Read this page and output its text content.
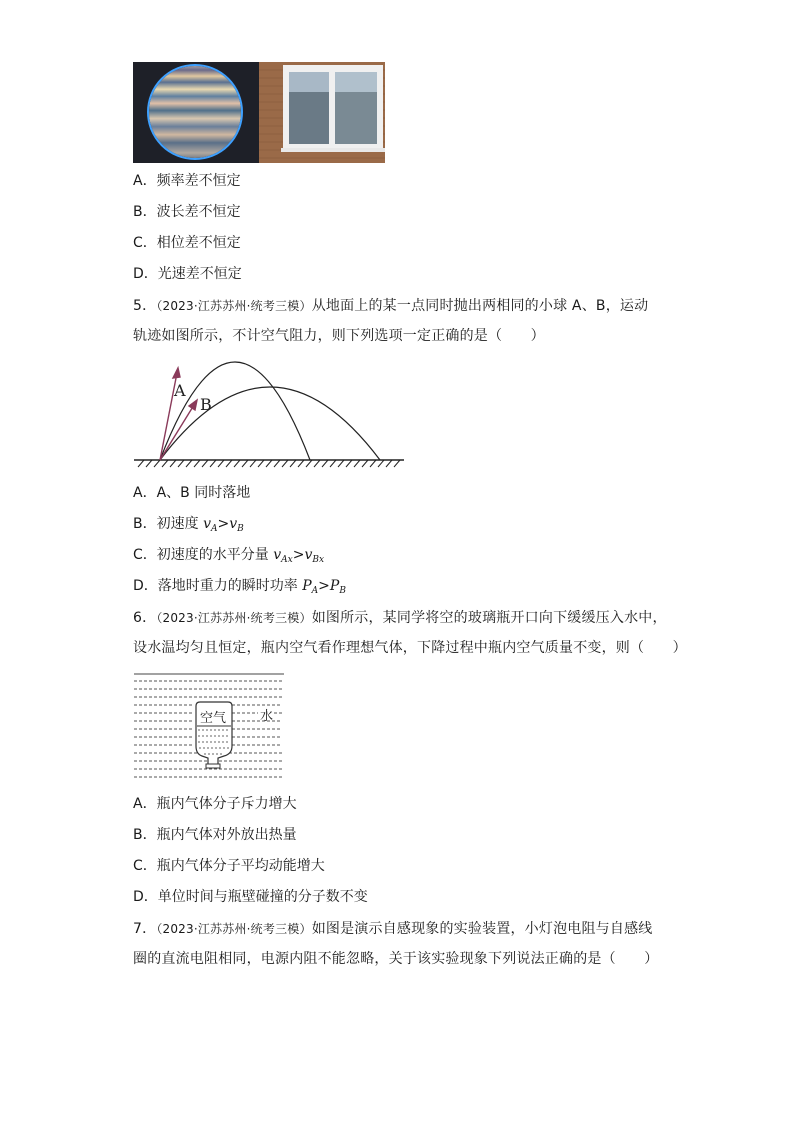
A．频率差不恒定
B．波长差不恒定
C．相位差不恒定
D．光速差不恒定
5．（2023·江苏苏州·统考三模）从地面上的某一点同时抛出两相同的小球 A、B，运动
轨迹如图所示，不计空气阻力，则下列选项一定正确的是（　　）
A
B
A．A、B 同时落地
B．初速度 $v_A>v_B$
C．初速度的水平分量 $v_{Ax}>v_{Bx}$
D．落地时重力的瞬时功率 $P_A>P_B$
6．（2023·江苏苏州·统考三模）如图所示，某同学将空的玻璃瓶开口向下缓缓压入水中，
设水温均匀且恒定，瓶内空气看作理想气体，下降过程中瓶内空气质量不变，则（　　）
空气	水
A．瓶内气体分子斥力增大
B．瓶内气体对外放出热量
C．瓶内气体分子平均动能增大
D．单位时间与瓶壁碰撞的分子数不变
7．（2023·江苏苏州·统考三模）如图是演示自感现象的实验装置，小灯泡电阻与自感线
圈的直流电阻相同，电源内阻不能忽略，关于该实验现象下列说法正确的是（　　）
